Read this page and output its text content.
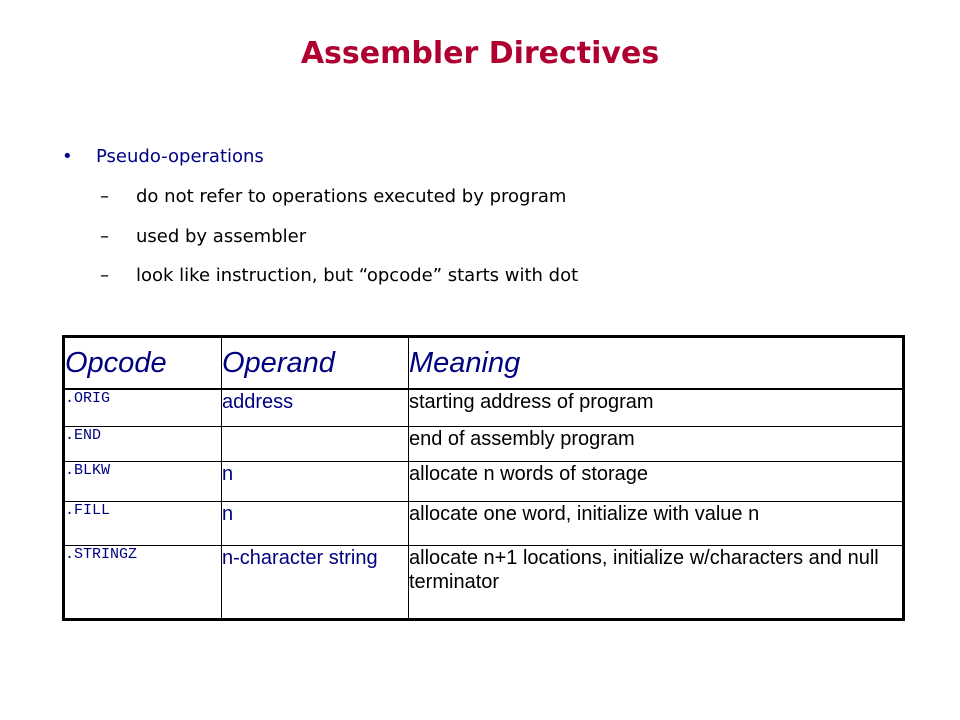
Assembler Directives
• Pseudo-operations
– do not refer to operations executed by program
– used by assembler
– look like instruction, but “opcode” starts with dot
Opcode	Operand	Meaning
.ORIG	address	starting address of program
.END		end of assembly program
.BLKW	n	allocate n words of storage
.FILL	n	allocate one word, initialize with value n
.STRINGZ	n-character string	allocate n+1 locations, initialize w/characters and null terminator
